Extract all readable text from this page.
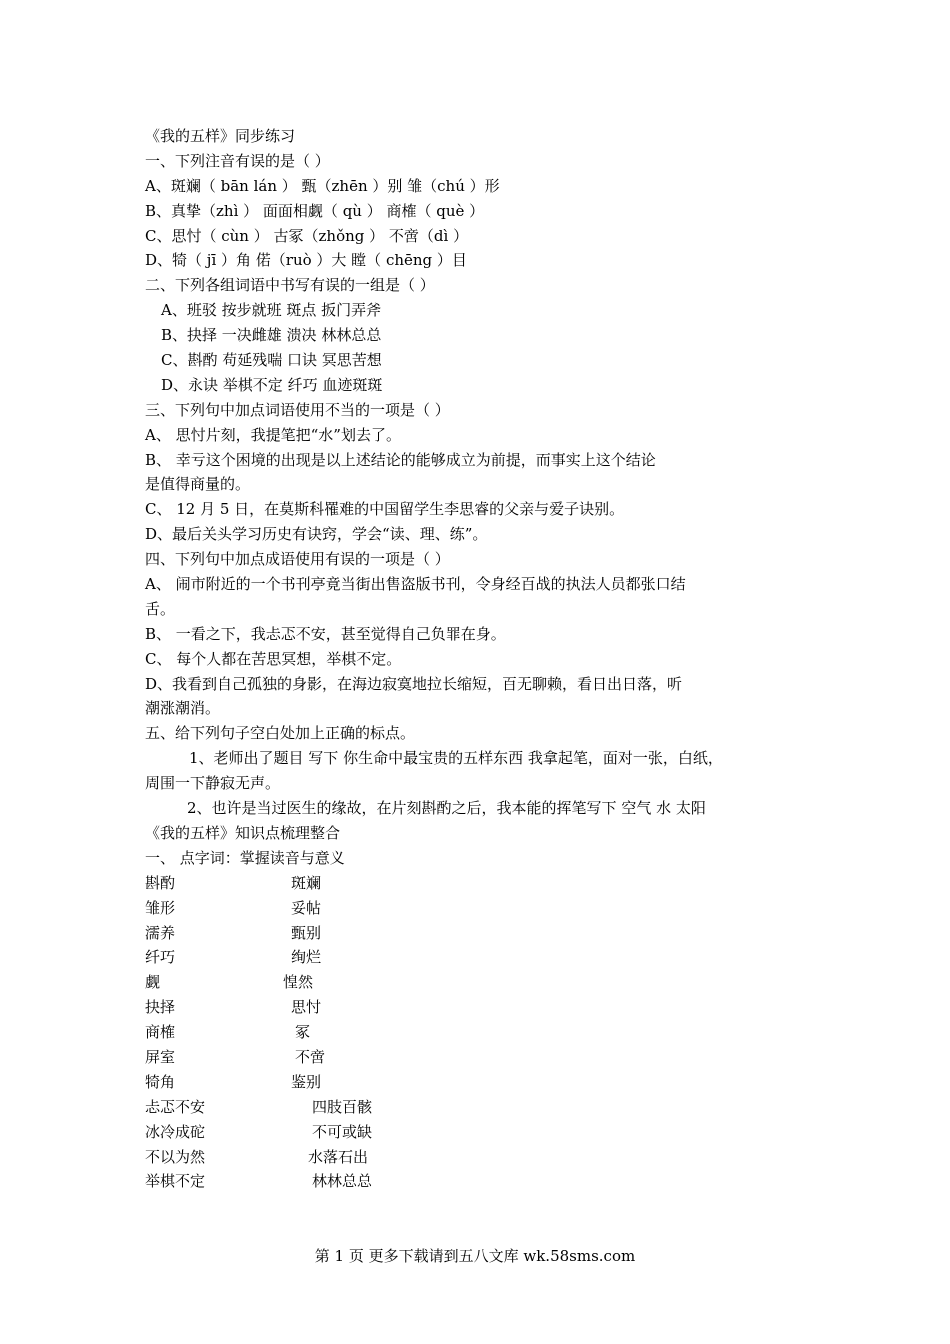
《我的五样》同步练习
一、下列注音有误的是（ ）
A、斑斓（ bān lán ） 甄（zhēn ）别 雏（chú ）形
B、真挚（zhì ） 面面相觑（ qù ） 商榷（ què ）
C、思忖（ cùn ） 古冢（zhǒng ） 不啻（dì ）
D、犄（ jī ）角 偌（ruò ）大 瞠（ chēng ）目
二、下列各组词语中书写有误的一组是（ ）
A、班驳 按步就班 斑点 扳门弄斧
B、抉择 一决雌雄 溃决 林林总总
C、斟酌 苟延残喘 口诀 冥思苦想
D、永诀 举棋不定 纤巧 血迹斑斑
三、下列句中加点词语使用不当的一项是（ ）
A、 思忖片刻，我提笔把“水”划去了。
B、 幸亏这个困境的出现是以上述结论的能够成立为前提，而事实上这个结论
是值得商量的。
C、 12 月 5 日，在莫斯科罹难的中国留学生李思睿的父亲与爱子诀别。
D、最后关头学习历史有诀窍，学会“读、理、练”。
四、下列句中加点成语使用有误的一项是（ ）
A、 闹市附近的一个书刊亭竟当街出售盗版书刊，令身经百战的执法人员都张口结
舌。
B、 一看之下，我忐忑不安，甚至觉得自己负罪在身。
C、 每个人都在苦思冥想，举棋不定。
D、我看到自己孤独的身影，在海边寂寞地拉长缩短，百无聊赖，看日出日落，听
潮涨潮消。
五、给下列句子空白处加上正确的标点。
1、老师出了题目 写下 你生命中最宝贵的五样东西 我拿起笔，面对一张，白纸，
周围一下静寂无声。
2、也许是当过医生的缘故，在片刻斟酌之后，我本能的挥笔写下 空气 水 太阳
《我的五样》知识点梳理整合
一、 点字词：掌握读音与意义
斟酌	斑斓
雏形	妥帖
濡养	甄别
纤巧	绚烂
觑	惶然
抉择	思忖
商榷	冢
屏室	不啻
犄角	鉴别
忐忑不安	四肢百骸
冰冷成砣	不可或缺
不以为然	水落石出
举棋不定	林林总总
第 1 页 更多下载请到五八文库 wk.58sms.com
